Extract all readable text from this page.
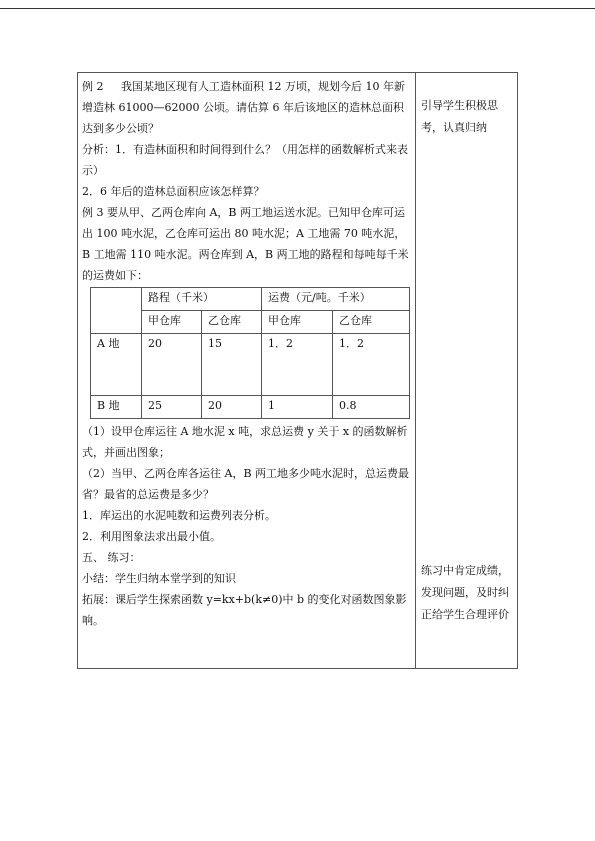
例 2 我国某地区现有人工造林面积 12 万顷，规划今后 10 年新增造林 61000—62000 公顷。请估算 6 年后该地区的造林总面积达到多少公顷？

分析：1．有造林面积和时间得到什么？（用怎样的函数解析式来表示）

2．6 年后的造林总面积应该怎样算？

例 3 要从甲、乙两仓库向 A，B 两工地运送水泥。已知甲仓库可运出 100 吨水泥，乙仓库可运出 80 吨水泥；A 工地需 70 吨水泥，B 工地需 110 吨水泥。两仓库到 A，B 两工地的路程和每吨每千米的运费如下：

	路程（千米）		运费（元/吨。千米）	
	甲仓库	乙仓库	甲仓库	乙仓库
A 地	20	15	1．2	1．2
B 地	25	20	1	0.8

（1）设甲仓库运往 A 地水泥 x 吨，求总运费 y 关于 x 的函数解析式，并画出图象；

（2）当甲、乙两仓库各运往 A，B 两工地多少吨水泥时，总运费最省？最省的总运费是多少？

1．库运出的水泥吨数和运费列表分析。

2．利用图象法求出最小值。

五、 练习：

小结：学生归纳本堂学到的知识

拓展：课后学生探索函数 y=kx+b(k≠0)中 b 的变化对函数图象影响。

引导学生积极思考，认真归纳

练习中肯定成绩，发现问题，及时纠正给学生合理评价
